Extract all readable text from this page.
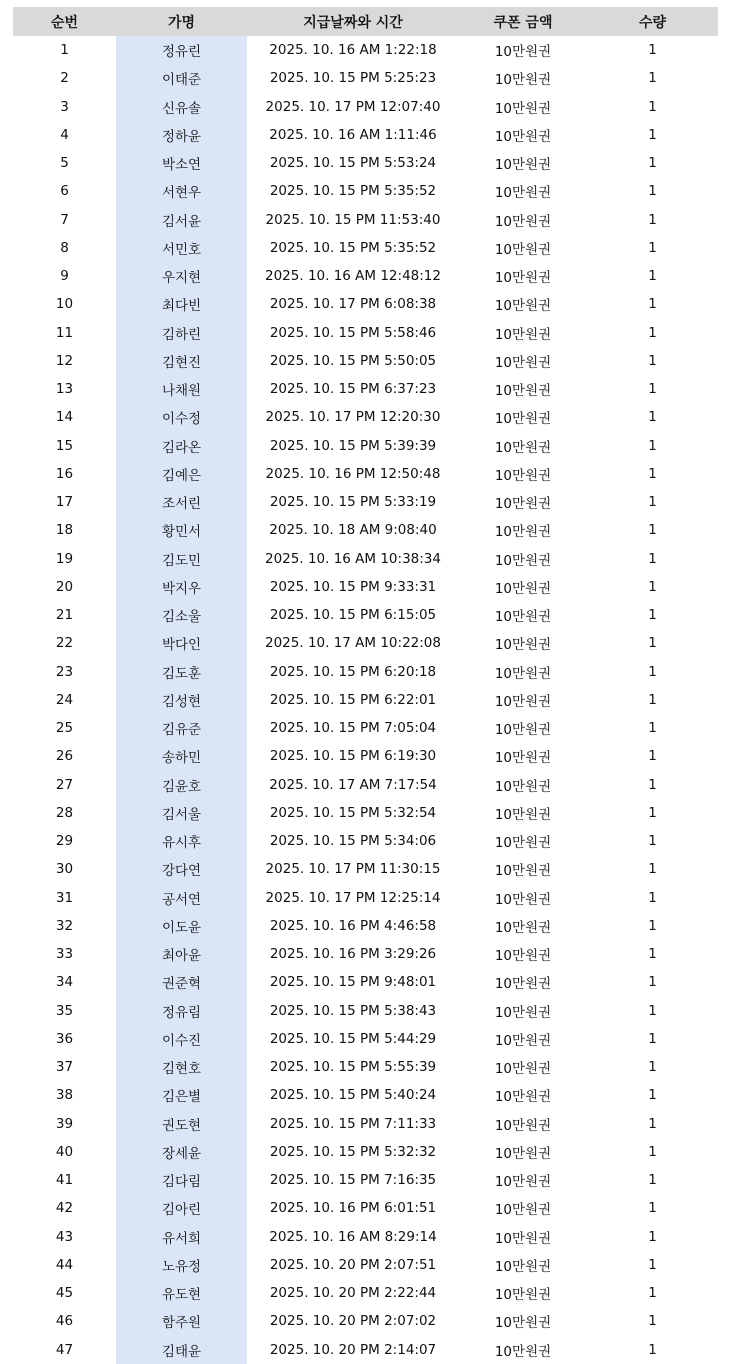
순번	가명	지급날짜와 시간	쿠폰 금액	수량
1	정유린	2025. 10. 16 AM 1:22:18	10만원권	1
2	이태준	2025. 10. 15 PM 5:25:23	10만원권	1
3	신유솔	2025. 10. 17 PM 12:07:40	10만원권	1
4	정하윤	2025. 10. 16 AM 1:11:46	10만원권	1
5	박소연	2025. 10. 15 PM 5:53:24	10만원권	1
6	서현우	2025. 10. 15 PM 5:35:52	10만원권	1
7	김서윤	2025. 10. 15 PM 11:53:40	10만원권	1
8	서민호	2025. 10. 15 PM 5:35:52	10만원권	1
9	우지현	2025. 10. 16 AM 12:48:12	10만원권	1
10	최다빈	2025. 10. 17 PM 6:08:38	10만원권	1
11	김하린	2025. 10. 15 PM 5:58:46	10만원권	1
12	김현진	2025. 10. 15 PM 5:50:05	10만원권	1
13	나채원	2025. 10. 15 PM 6:37:23	10만원권	1
14	이수정	2025. 10. 17 PM 12:20:30	10만원권	1
15	김라온	2025. 10. 15 PM 5:39:39	10만원권	1
16	김예은	2025. 10. 16 PM 12:50:48	10만원권	1
17	조서린	2025. 10. 15 PM 5:33:19	10만원권	1
18	황민서	2025. 10. 18 AM 9:08:40	10만원권	1
19	김도민	2025. 10. 16 AM 10:38:34	10만원권	1
20	박지우	2025. 10. 15 PM 9:33:31	10만원권	1
21	김소울	2025. 10. 15 PM 6:15:05	10만원권	1
22	박다인	2025. 10. 17 AM 10:22:08	10만원권	1
23	김도훈	2025. 10. 15 PM 6:20:18	10만원권	1
24	김성현	2025. 10. 15 PM 6:22:01	10만원권	1
25	김유준	2025. 10. 15 PM 7:05:04	10만원권	1
26	송하민	2025. 10. 15 PM 6:19:30	10만원권	1
27	김윤호	2025. 10. 17 AM 7:17:54	10만원권	1
28	김서울	2025. 10. 15 PM 5:32:54	10만원권	1
29	유시후	2025. 10. 15 PM 5:34:06	10만원권	1
30	강다연	2025. 10. 17 PM 11:30:15	10만원권	1
31	공서연	2025. 10. 17 PM 12:25:14	10만원권	1
32	이도윤	2025. 10. 16 PM 4:46:58	10만원권	1
33	최아윤	2025. 10. 16 PM 3:29:26	10만원권	1
34	권준혁	2025. 10. 15 PM 9:48:01	10만원권	1
35	정유림	2025. 10. 15 PM 5:38:43	10만원권	1
36	이수진	2025. 10. 15 PM 5:44:29	10만원권	1
37	김현호	2025. 10. 15 PM 5:55:39	10만원권	1
38	김은별	2025. 10. 15 PM 5:40:24	10만원권	1
39	권도현	2025. 10. 15 PM 7:11:33	10만원권	1
40	장세윤	2025. 10. 15 PM 5:32:32	10만원권	1
41	김다림	2025. 10. 15 PM 7:16:35	10만원권	1
42	김아린	2025. 10. 16 PM 6:01:51	10만원권	1
43	유서희	2025. 10. 16 AM 8:29:14	10만원권	1
44	노유정	2025. 10. 20 PM 2:07:51	10만원권	1
45	유도현	2025. 10. 20 PM 2:22:44	10만원권	1
46	함주원	2025. 10. 20 PM 2:07:02	10만원권	1
47	김태윤	2025. 10. 20 PM 2:14:07	10만원권	1
